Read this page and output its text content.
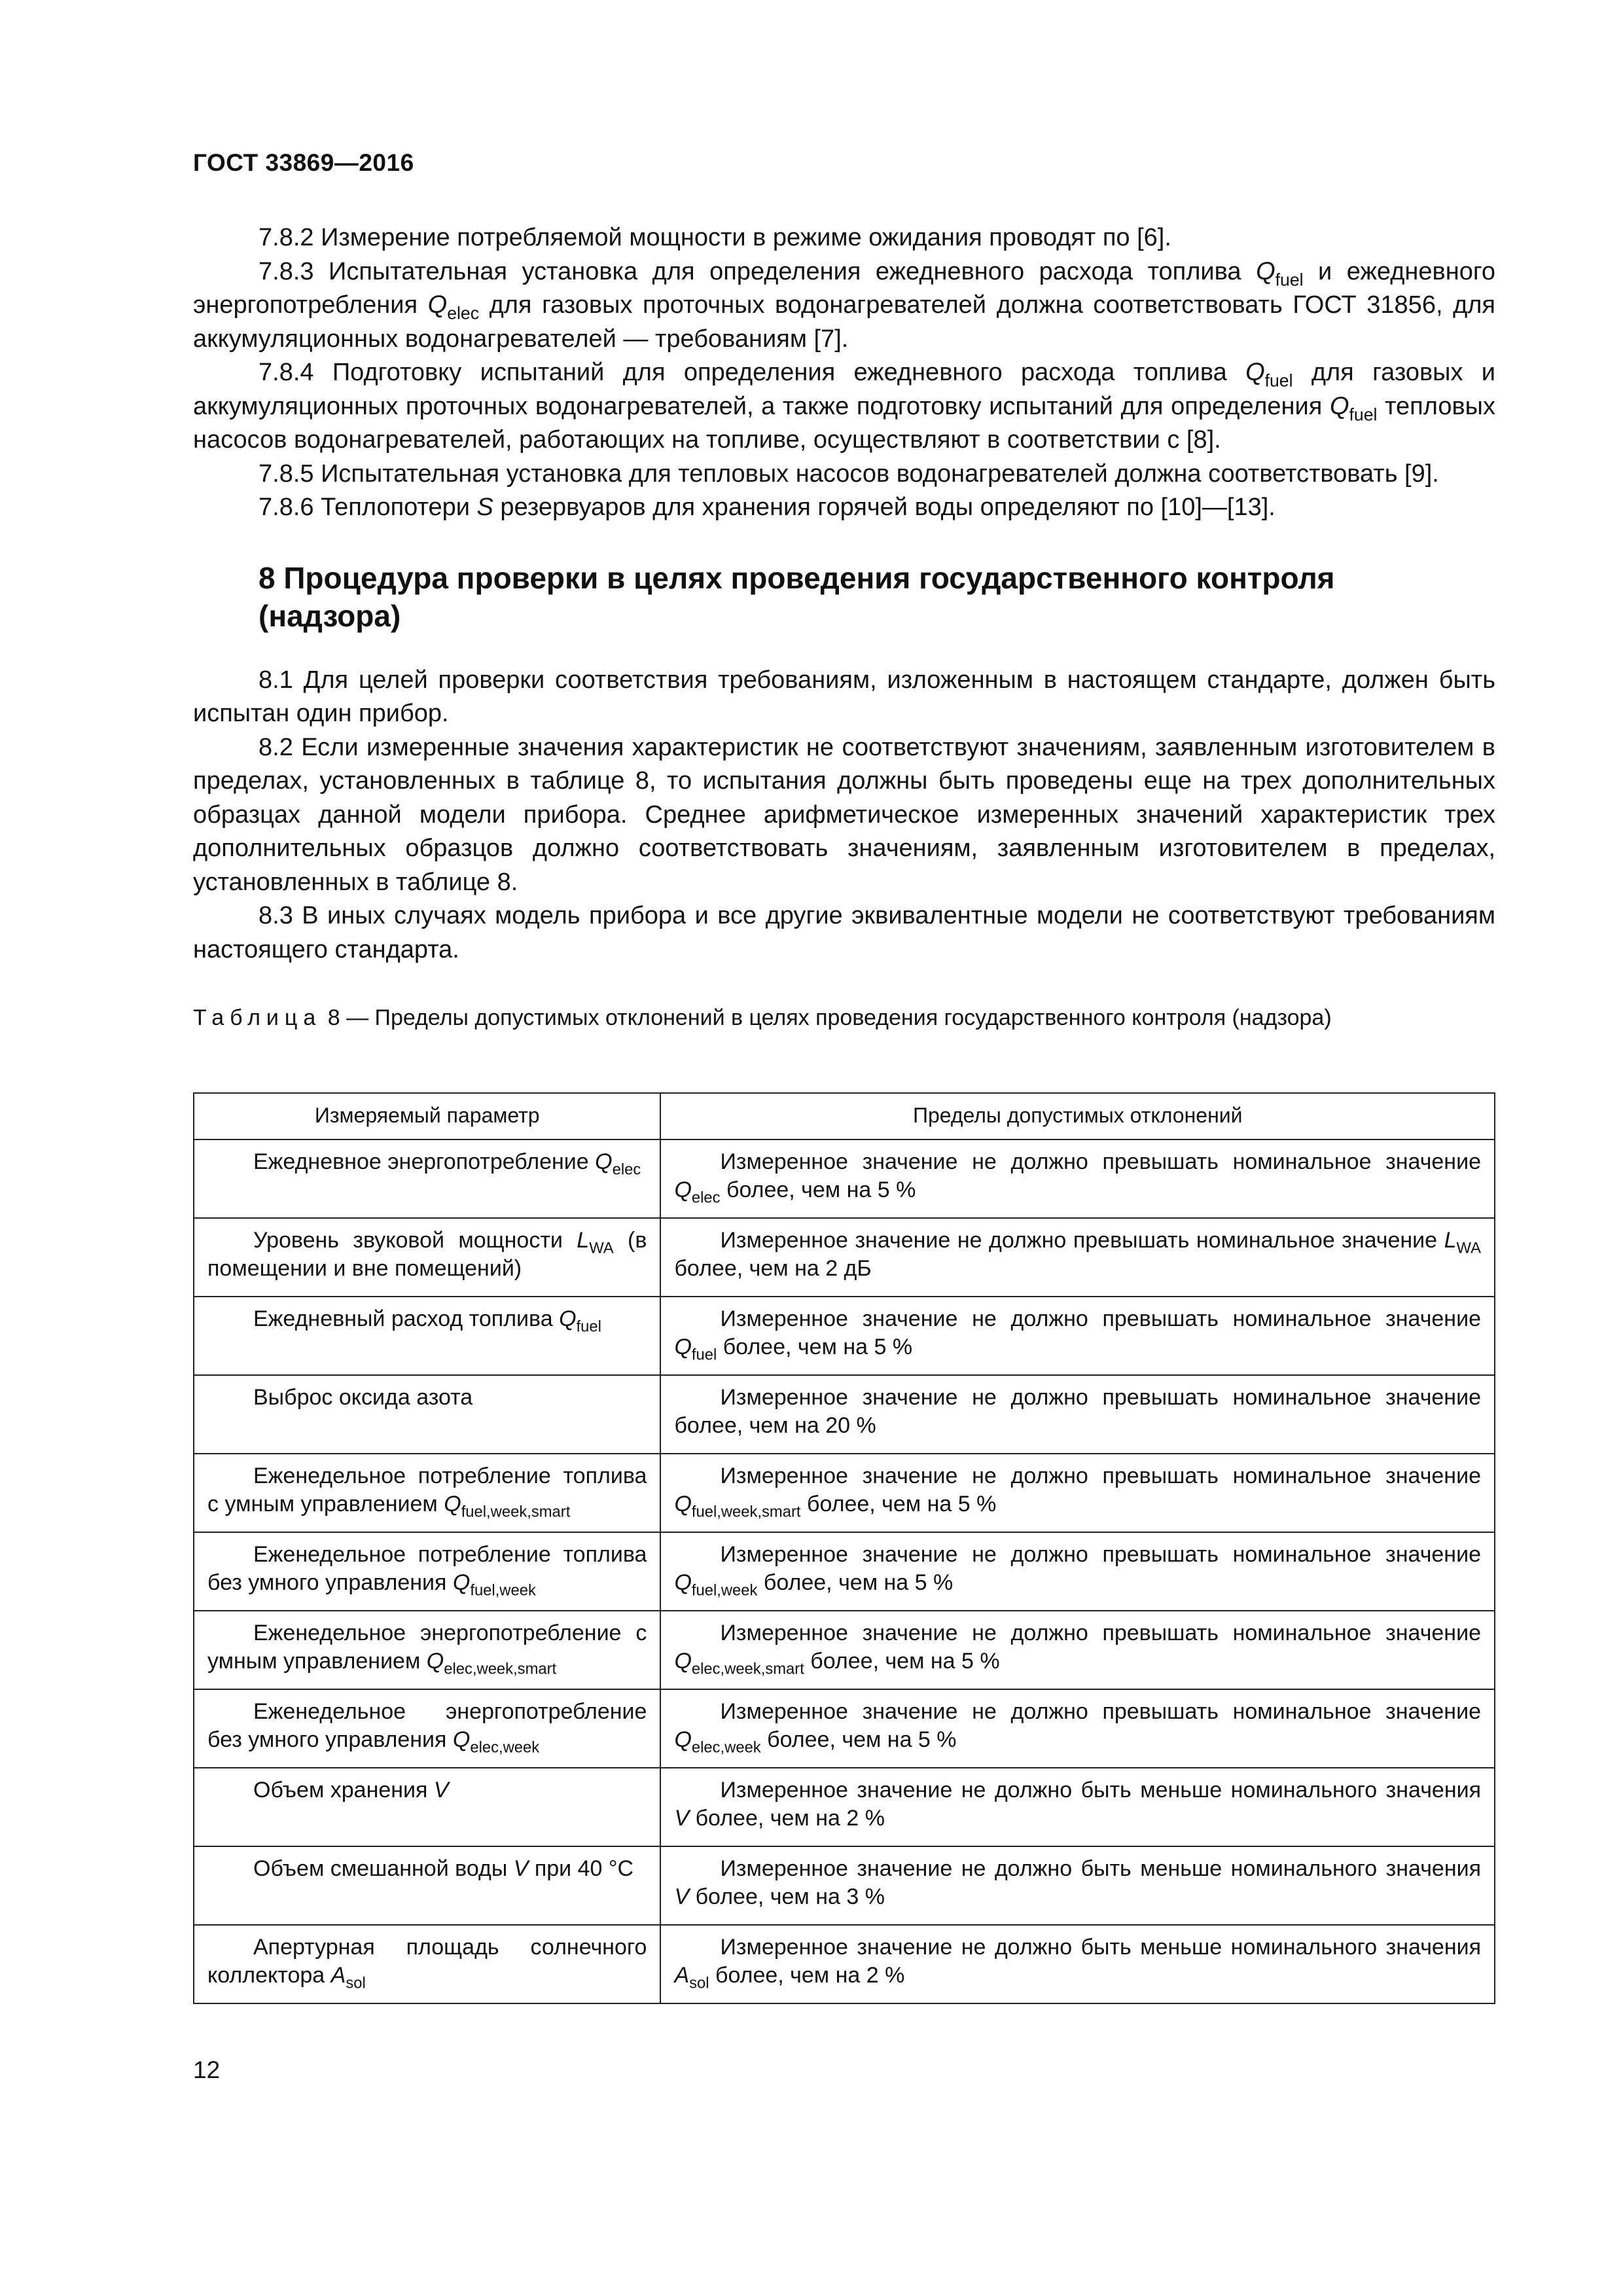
ГОСТ 33869—2016

7.8.2 Измерение потребляемой мощности в режиме ожидания проводят по [6].

7.8.3 Испытательная установка для определения ежедневного расхода топлива $Q_{fuel}$ и ежедневного энергопотребления $Q_{elec}$ для газовых проточных водонагревателей должна соответствовать ГОСТ 31856, для аккумуляционных водонагревателей — требованиям [7].

7.8.4 Подготовку испытаний для определения ежедневного расхода топлива $Q_{fuel}$ для газовых и аккумуляционных проточных водонагревателей, а также подготовку испытаний для определения $Q_{fuel}$ тепловых насосов водонагревателей, работающих на топливе, осуществляют в соответствии с [8].

7.8.5 Испытательная установка для тепловых насосов водонагревателей должна соответствовать [9].

7.8.6 Теплопотери S резервуаров для хранения горячей воды определяют по [10]—[13].

8 Процедура проверки в целях проведения государственного контроля (надзора)

8.1 Для целей проверки соответствия требованиям, изложенным в настоящем стандарте, должен быть испытан один прибор.

8.2 Если измеренные значения характеристик не соответствуют значениям, заявленным изготовителем в пределах, установленных в таблице 8, то испытания должны быть проведены еще на трех дополнительных образцах данной модели прибора. Среднее арифметическое измеренных значений характеристик трех дополнительных образцов должно соответствовать значениям, заявленным изготовителем в пределах, установленных в таблице 8.

8.3 В иных случаях модель прибора и все другие эквивалентные модели не соответствуют требованиям настоящего стандарта.

Таблица 8 — Пределы допустимых отклонений в целях проведения государственного контроля (надзора)

Измеряемый параметр	Пределы допустимых отклонений
Ежедневное энергопотребление $Q_{elec}$	Измеренное значение не должно превышать номинальное значение $Q_{elec}$ более, чем на 5 %
Уровень звуковой мощности $L_{WA}$ (в помещении и вне помещений)	Измеренное значение не должно превышать номинальное значение $L_{WA}$ более, чем на 2 дБ
Ежедневный расход топлива $Q_{fuel}$	Измеренное значение не должно превышать номинальное значение $Q_{fuel}$ более, чем на 5 %
Выброс оксида азота	Измеренное значение не должно превышать номинальное значение более, чем на 20 %
Еженедельное потребление топлива с умным управлением $Q_{fuel,week,smart}$	Измеренное значение не должно превышать номинальное значение $Q_{fuel,week,smart}$ более, чем на 5 %
Еженедельное потребление топлива без умного управления $Q_{fuel,week}$	Измеренное значение не должно превышать номинальное значение $Q_{fuel,week}$ более, чем на 5 %
Еженедельное энергопотребление с умным управлением $Q_{elec,week,smart}$	Измеренное значение не должно превышать номинальное значение $Q_{elec,week,smart}$ более, чем на 5 %
Еженедельное энергопотребление без умного управления $Q_{elec,week}$	Измеренное значение не должно превышать номинальное значение $Q_{elec,week}$ более, чем на 5 %
Объем хранения V	Измеренное значение не должно быть меньше номинального значения V более, чем на 2 %
Объем смешанной воды V при 40 °С	Измеренное значение не должно быть меньше номинального значения V более, чем на 3 %
Апертурная площадь солнечного коллектора $A_{sol}$	Измеренное значение не должно быть меньше номинального значения $A_{sol}$ более, чем на 2 %
12
